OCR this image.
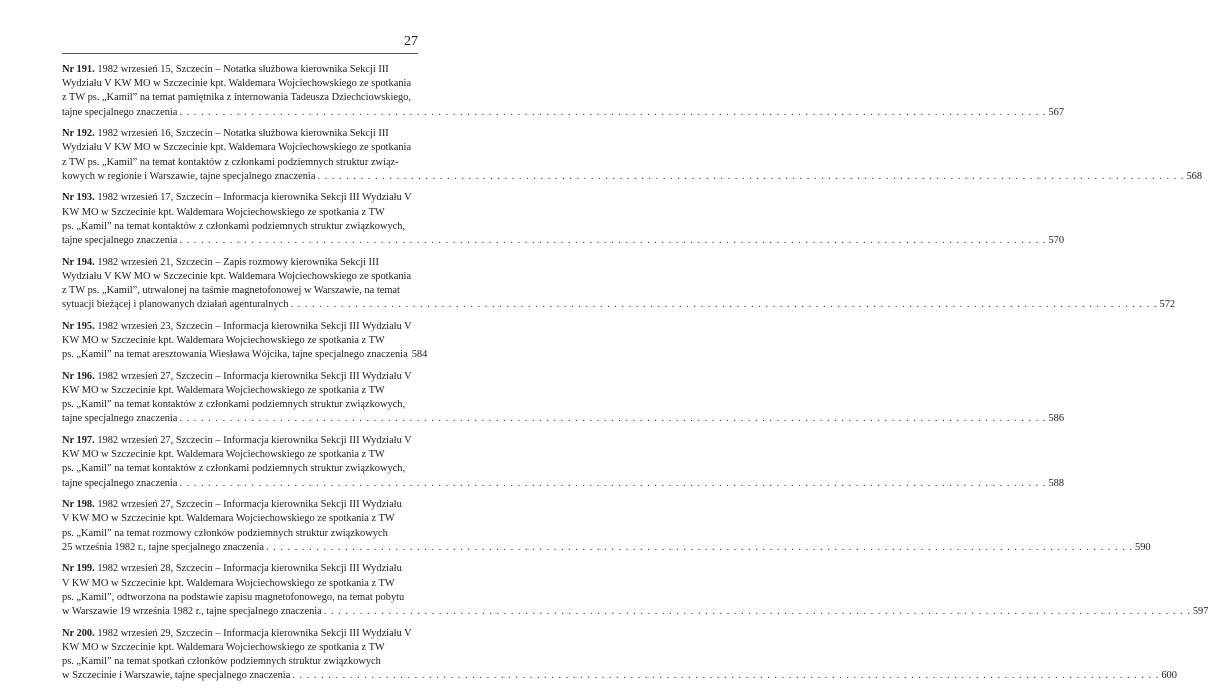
27
Nr 191. 1982 wrzesień 15, Szczecin – Notatka służbowa kierownika Sekcji III
Wydziału V KW MO w Szczecinie kpt. Waldemara Wojciechowskiego ze spotkania
z TW ps. „Kamil” na temat pamiętnika z internowania Tadeusza Dziechciowskiego,
tajne specjalnego znaczenia . . . . . . . . . . . . . . . . . . . . . . . . . . . . . . . . . . . . . . . . . . . . . . . . . . . . . . . . . . . . . . . . . . . . . . . . . . . . . . . . . . . . . . . . . . . . . . . . . . . . . . . . . . . . . . . . . . . . . . . . . 567
Nr 192. 1982 wrzesień 16, Szczecin – Notatka służbowa kierownika Sekcji III
Wydziału V KW MO w Szczecinie kpt. Waldemara Wojciechowskiego ze spotkania
z TW ps. „Kamil” na temat kontaktów z członkami podziemnych struktur związ-
kowych w regionie i Warszawie, tajne specjalnego znaczenia . . . . . . . . . . . . . . . . . . . . . . . . . . . . . . . . . . . . . . . . . . . . . . . . . . . . . . . . . . . . . . . . . . . . . . . . . . . . . . . . . . . . . . . . . . . . . . . . . . . . . . . . . . . . . . . . . . . . . . . . . 568
Nr 193. 1982 wrzesień 17, Szczecin – Informacja kierownika Sekcji III Wydziału V
KW MO w Szczecinie kpt. Waldemara Wojciechowskiego ze spotkania z TW
ps. „Kamil” na temat kontaktów z członkami podziemnych struktur związkowych,
tajne specjalnego znaczenia . . . . . . . . . . . . . . . . . . . . . . . . . . . . . . . . . . . . . . . . . . . . . . . . . . . . . . . . . . . . . . . . . . . . . . . . . . . . . . . . . . . . . . . . . . . . . . . . . . . . . . . . . . . . . . . . . . . . . . . . . 570
Nr 194. 1982 wrzesień 21, Szczecin – Zapis rozmowy kierownika Sekcji III
Wydziału V KW MO w Szczecinie kpt. Waldemara Wojciechowskiego ze spotkania
z TW ps. „Kamil”, utrwalonej na taśmie magnetofonowej w Warszawie, na temat
sytuacji bieżącej i planowanych działań agenturalnych . . . . . . . . . . . . . . . . . . . . . . . . . . . . . . . . . . . . . . . . . . . . . . . . . . . . . . . . . . . . . . . . . . . . . . . . . . . . . . . . . . . . . . . . . . . . . . . . . . . . . . . . . . . . . . . . . . . . . . . . . 572
Nr 195. 1982 wrzesień 23, Szczecin – Informacja kierownika Sekcji III Wydziału V
KW MO w Szczecinie kpt. Waldemara Wojciechowskiego ze spotkania z TW
ps. „Kamil” na temat aresztowania Wiesława Wójcika, tajne specjalnego znaczenia 584
Nr 196. 1982 wrzesień 27, Szczecin – Informacja kierownika Sekcji III Wydziału V
KW MO w Szczecinie kpt. Waldemara Wojciechowskiego ze spotkania z TW
ps. „Kamil” na temat kontaktów z członkami podziemnych struktur związkowych,
tajne specjalnego znaczenia . . . . . . . . . . . . . . . . . . . . . . . . . . . . . . . . . . . . . . . . . . . . . . . . . . . . . . . . . . . . . . . . . . . . . . . . . . . . . . . . . . . . . . . . . . . . . . . . . . . . . . . . . . . . . . . . . . . . . . . . . 586
Nr 197. 1982 wrzesień 27, Szczecin – Informacja kierownika Sekcji III Wydziału V
KW MO w Szczecinie kpt. Waldemara Wojciechowskiego ze spotkania z TW
ps. „Kamil” na temat kontaktów z członkami podziemnych struktur związkowych,
tajne specjalnego znaczenia . . . . . . . . . . . . . . . . . . . . . . . . . . . . . . . . . . . . . . . . . . . . . . . . . . . . . . . . . . . . . . . . . . . . . . . . . . . . . . . . . . . . . . . . . . . . . . . . . . . . . . . . . . . . . . . . . . . . . . . . . 588
Nr 198. 1982 wrzesień 27, Szczecin – Informacja kierownika Sekcji III Wydziału
V KW MO w Szczecinie kpt. Waldemara Wojciechowskiego ze spotkania z TW
ps. „Kamil” na temat rozmowy członków podziemnych struktur związkowych
25 września 1982 r., tajne specjalnego znaczenia . . . . . . . . . . . . . . . . . . . . . . . . . . . . . . . . . . . . . . . . . . . . . . . . . . . . . . . . . . . . . . . . . . . . . . . . . . . . . . . . . . . . . . . . . . . . . . . . . . . . . . . . . . . . . . . . . . . . . . . . . 590
Nr 199. 1982 wrzesień 28, Szczecin – Informacja kierownika Sekcji III Wydziału
V KW MO w Szczecinie kpt. Waldemara Wojciechowskiego ze spotkania z TW
ps. „Kamil”, odtworzona na podstawie zapisu magnetofonowego, na temat pobytu
w Warszawie 19 września 1982 r., tajne specjalnego znaczenia . . . . . . . . . . . . . . . . . . . . . . . . . . . . . . . . . . . . . . . . . . . . . . . . . . . . . . . . . . . . . . . . . . . . . . . . . . . . . . . . . . . . . . . . . . . . . . . . . . . . . . . . . . . . . . . . . . . . . . . . . 597
Nr 200. 1982 wrzesień 29, Szczecin – Informacja kierownika Sekcji III Wydziału V
KW MO w Szczecinie kpt. Waldemara Wojciechowskiego ze spotkania z TW
ps. „Kamil” na temat spotkań członków podziemnych struktur związkowych
w Szczecinie i Warszawie, tajne specjalnego znaczenia . . . . . . . . . . . . . . . . . . . . . . . . . . . . . . . . . . . . . . . . . . . . . . . . . . . . . . . . . . . . . . . . . . . . . . . . . . . . . . . . . . . . . . . . . . . . . . . . . . . . . . . . . . . . . . . . . . . . . . . . . 600
